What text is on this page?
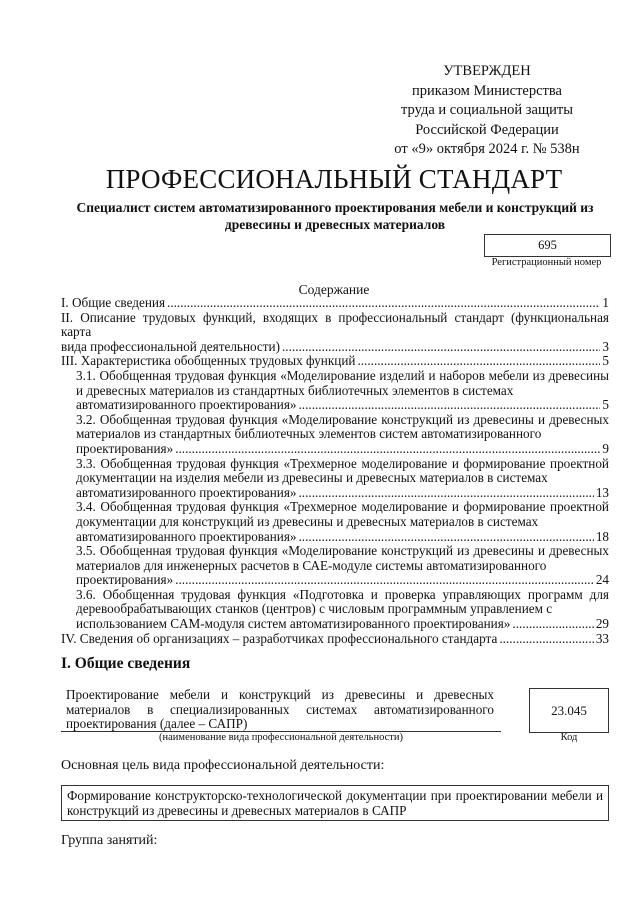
УТВЕРЖДЕН
приказом Министерства
труда и социальной защиты
Российской Федерации
от «9» октября 2024 г. № 538н
ПРОФЕССИОНАЛЬНЫЙ СТАНДАРТ
Специалист систем автоматизированного проектирования мебели и конструкций из древесины и древесных материалов
695
Регистрационный номер
Содержание
I. Общие сведения .....	1
II. Описание трудовых функций, входящих в профессиональный стандарт (функциональная карта
вида профессиональной деятельности) .....	3
III. Характеристика обобщенных трудовых функций .....	5
3.1. Обобщенная трудовая функция «Моделирование изделий и наборов мебели из древесины и древесных материалов из стандартных библиотечных элементов в системах
автоматизированного проектирования» .....	5
3.2. Обобщенная трудовая функция «Моделирование конструкций из древесины и древесных материалов из стандартных библиотечных элементов систем автоматизированного
проектирования» .....	9
3.3. Обобщенная трудовая функция «Трехмерное моделирование и формирование проектной документации на изделия мебели из древесины и древесных материалов в системах
автоматизированного проектирования» .....	13
3.4. Обобщенная трудовая функция «Трехмерное моделирование и формирование проектной документации для конструкций из древесины и древесных материалов в системах
автоматизированного проектирования» .....	18
3.5. Обобщенная трудовая функция «Моделирование конструкций из древесины и древесных материалов для инженерных расчетов в САЕ-модуле системы автоматизированного
проектирования» .....	24
3.6. Обобщенная трудовая функция «Подготовка и проверка управляющих программ для деревообрабатывающих станков (центров) с числовым программным управлением с
использованием CAM-модуля систем автоматизированного проектирования» .....	29
IV. Сведения об организациях – разработчиках профессионального стандарта .....	33
I. Общие сведения
Проектирование мебели и конструкций из древесины и древесных материалов в специализированных системах автоматизированного проектирования (далее – САПР)
(наименование вида профессиональной деятельности)
23.045
Код
Основная цель вида профессиональной деятельности:
Формирование конструкторско-технологической документации при проектировании мебели и конструкций из древесины и древесных материалов в САПР
Группа занятий:
